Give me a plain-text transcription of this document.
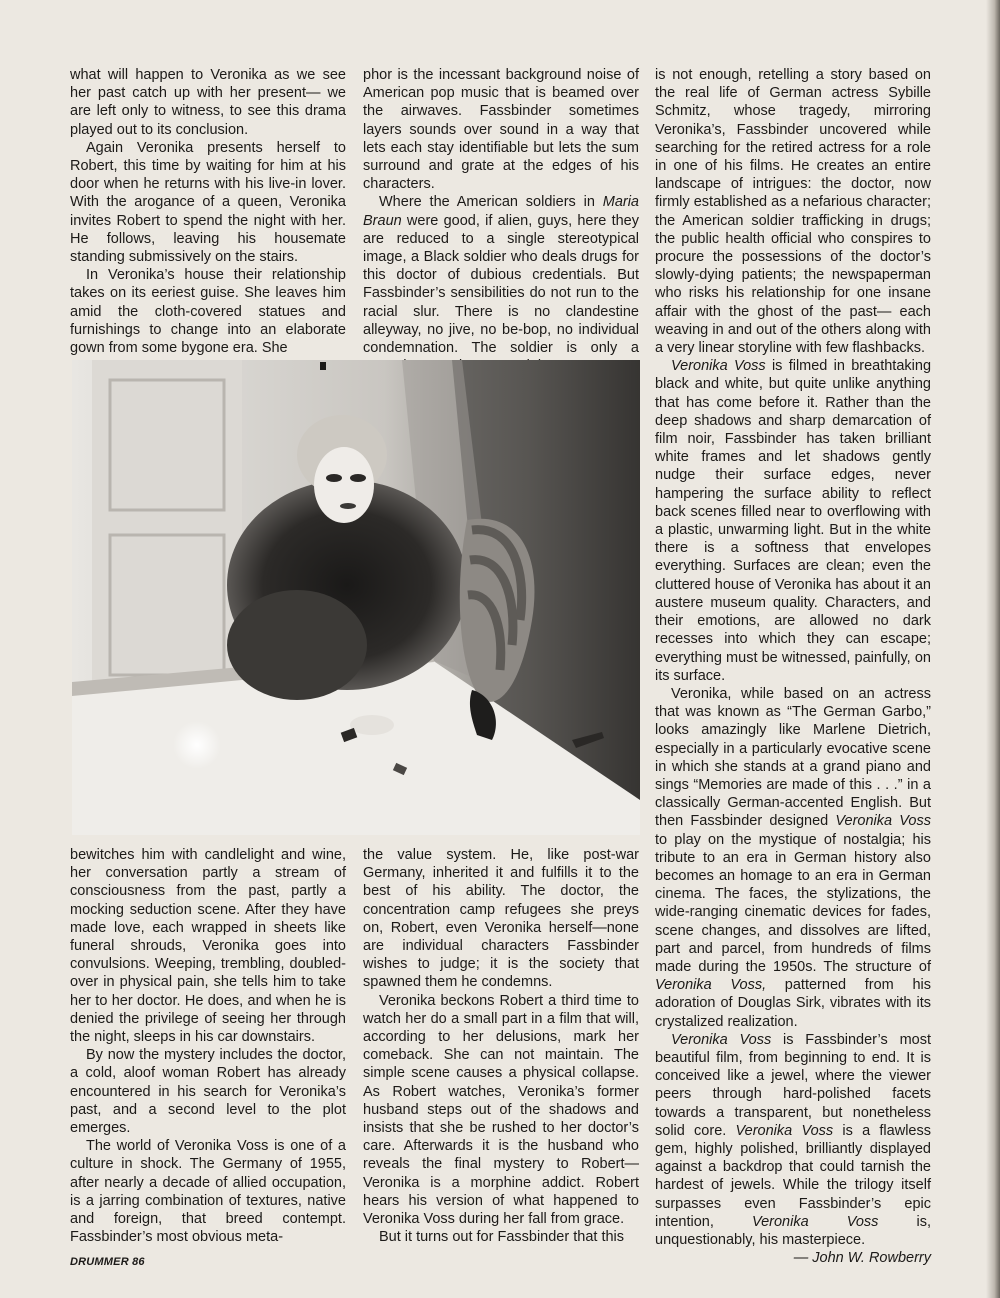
what will happen to Veronika as we see her past catch up with her present— we are left only to witness, to see this drama played out to its conclusion.

Again Veronika presents herself to Robert, this time by waiting for him at his door when he returns with his live-in lover. With the arogance of a queen, Veronika invites Robert to spend the night with her. He follows, leaving his housemate standing submissively on the stairs.

In Veronika’s house their relationship takes on its eeriest guise. She leaves him amid the cloth-covered statues and furnishings to change into an elaborate gown from some bygone era. She

phor is the incessant background noise of American pop music that is beamed over the airwaves. Fassbinder sometimes layers sounds over sound in a way that lets each stay identifiable but lets the sum surround and grate at the edges of his characters.

Where the American soldiers in Maria Braun were good, if alien, guys, here they are reduced to a single stereotypical image, a Black soldier who deals drugs for this doctor of dubious credentials. But Fassbinder’s sensibilities do not run to the racial slur. There is no clandestine alleyway, no jive, no be-bop, no individual condemnation. The soldier is only a

is not enough, retelling a story based on the real life of German actress Sybille Schmitz, whose tragedy, mirroring Veronika’s, Fassbinder uncovered while searching for the retired actress for a role in one of his films. He creates an entire landscape of intrigues: the doctor, now firmly established as a nefarious character; the American soldier trafficking in drugs; the public health official who conspires to procure the possessions of the doctor’s slowly-dying patients; the newspaperman who risks his relationship for one insane affair with the ghost of the past— each weaving in and out of the others along with a very linear storyline with few flashbacks.

Veronika Voss is filmed in breathtaking black and white, but quite unlike anything that has come before it. Rather than the deep shadows and sharp demarcation of film noir, Fassbinder has taken brilliant white frames and let shadows gently nudge their surface edges, never hampering the surface ability to reflect back scenes filled near to overflowing with a plastic, unwarming light. But in the white there is a softness that envelopes everything. Surfaces are clean; even the cluttered house of Veronika has about it an austere museum quality. Characters, and their emotions, are allowed no dark recesses into which they can escape; everything must be witnessed, painfully, on its surface.

Veronika, while based on an actress that was known as “The German Garbo,” looks amazingly like Marlene Dietrich, especially in a particularly evocative scene in which she stands at a grand piano and sings “Memories are made of this . . .” in a classically German-accented English. But then Fassbinder designed Veronika Voss to play on the mystique of nostalgia; his tribute to an era in German history also becomes an homage to an era in German cinema. The faces, the stylizations, the wide-ranging cinematic devices for fades, scene changes, and dissolves are lifted, part and parcel, from hundreds of films made during the 1950s. The structure of Veronika Voss, patterned from his adoration of Douglas Sirk, vibrates with its crystalized realization.

Veronika Voss is Fassbinder’s most beautiful film, from beginning to end. It is conceived like a jewel, where the viewer peers through hard-polished facets towards a transparent, but nonetheless solid core. Veronika Voss is a flawless gem, highly polished, brilliantly displayed against a backdrop that could tarnish the hardest of jewels. While the trilogy itself surpasses even Fassbinder’s epic intention, Veronika Voss is, unquestionably, his masterpiece.

— John W. Rowberry

bewitches him with candlelight and wine, her conversation partly a stream of consciousness from the past, partly a mocking seduction scene. After they have made love, each wrapped in sheets like funeral shrouds, Veronika goes into convulsions. Weeping, trembling, doubled-over in physical pain, she tells him to take her to her doctor. He does, and when he is denied the privilege of seeing her through the night, sleeps in his car downstairs.

By now the mystery includes the doctor, a cold, aloof woman Robert has already encountered in his search for Veronika’s past, and a second level to the plot emerges.

The world of Veronika Voss is one of a culture in shock. The Germany of 1955, after nearly a decade of allied occupation, is a jarring combination of textures, native and foreign, that breed contempt. Fassbinder’s most obvious meta-

the value system. He, like post-war Germany, inherited it and fulfills it to the best of his ability. The doctor, the concentration camp refugees she preys on, Robert, even Veronika herself—none are individual characters Fassbinder wishes to judge; it is the society that spawned them he condemns.

Veronika beckons Robert a third time to watch her do a small part in a film that will, according to her delusions, mark her comeback. She can not maintain. The simple scene causes a physical collapse. As Robert watches, Veronika’s former husband steps out of the shadows and insists that she be rushed to her doctor’s care. Afterwards it is the husband who reveals the final mystery to Robert— Veronika is a morphine addict. Robert hears his version of what happened to Veronika Voss during her fall from grace.

But it turns out for Fassbinder that this

DRUMMER 86
